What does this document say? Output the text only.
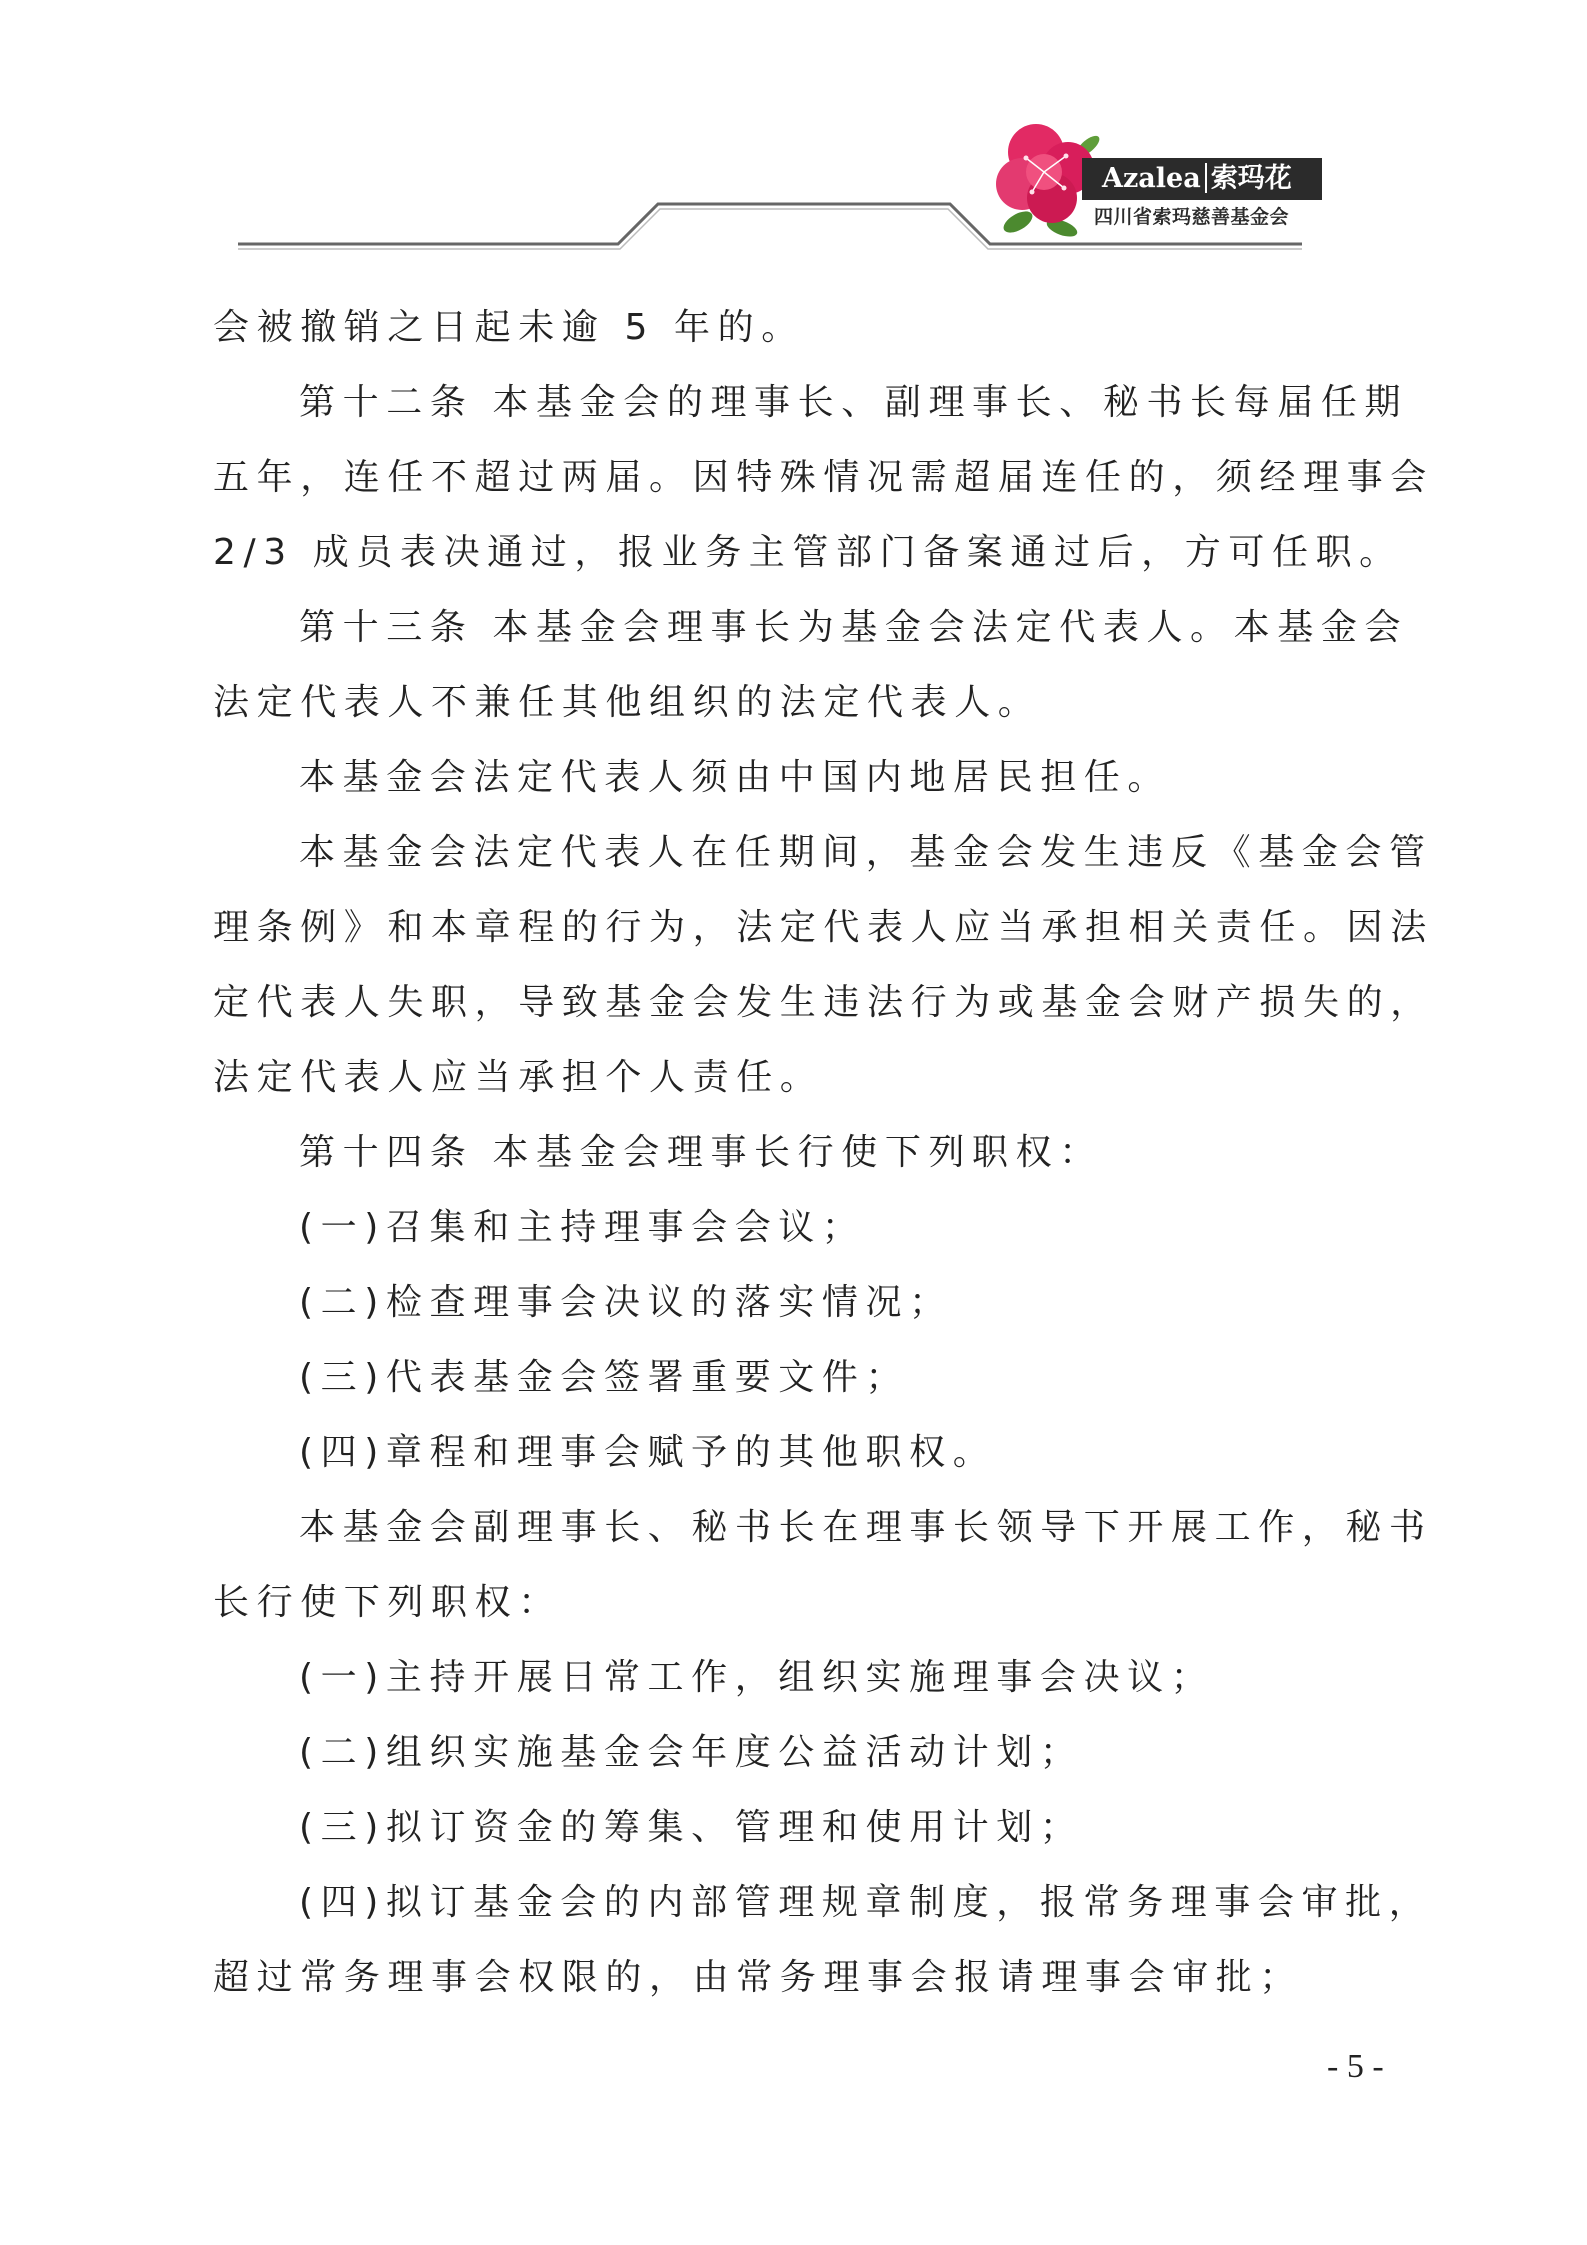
Azalea 索玛花
四川省索玛慈善基金会
会被撤销之日起未逾 5 年的。
第十二条 本基金会的理事长、副理事长、秘书长每届任期
五年，连任不超过两届。因特殊情况需超届连任的，须经理事会
2/3 成员表决通过，报业务主管部门备案通过后，方可任职。
第十三条 本基金会理事长为基金会法定代表人。本基金会
法定代表人不兼任其他组织的法定代表人。
本基金会法定代表人须由中国内地居民担任。
本基金会法定代表人在任期间，基金会发生违反《基金会管
理条例》和本章程的行为，法定代表人应当承担相关责任。因法
定代表人失职，导致基金会发生违法行为或基金会财产损失的，
法定代表人应当承担个人责任。
第十四条 本基金会理事长行使下列职权：
(一)召集和主持理事会会议；
(二)检查理事会决议的落实情况；
(三)代表基金会签署重要文件；
(四)章程和理事会赋予的其他职权。
本基金会副理事长、秘书长在理事长领导下开展工作，秘书
长行使下列职权：
(一)主持开展日常工作，组织实施理事会决议；
(二)组织实施基金会年度公益活动计划；
(三)拟订资金的筹集、管理和使用计划；
(四)拟订基金会的内部管理规章制度，报常务理事会审批，
超过常务理事会权限的，由常务理事会报请理事会审批；
- 5 -
